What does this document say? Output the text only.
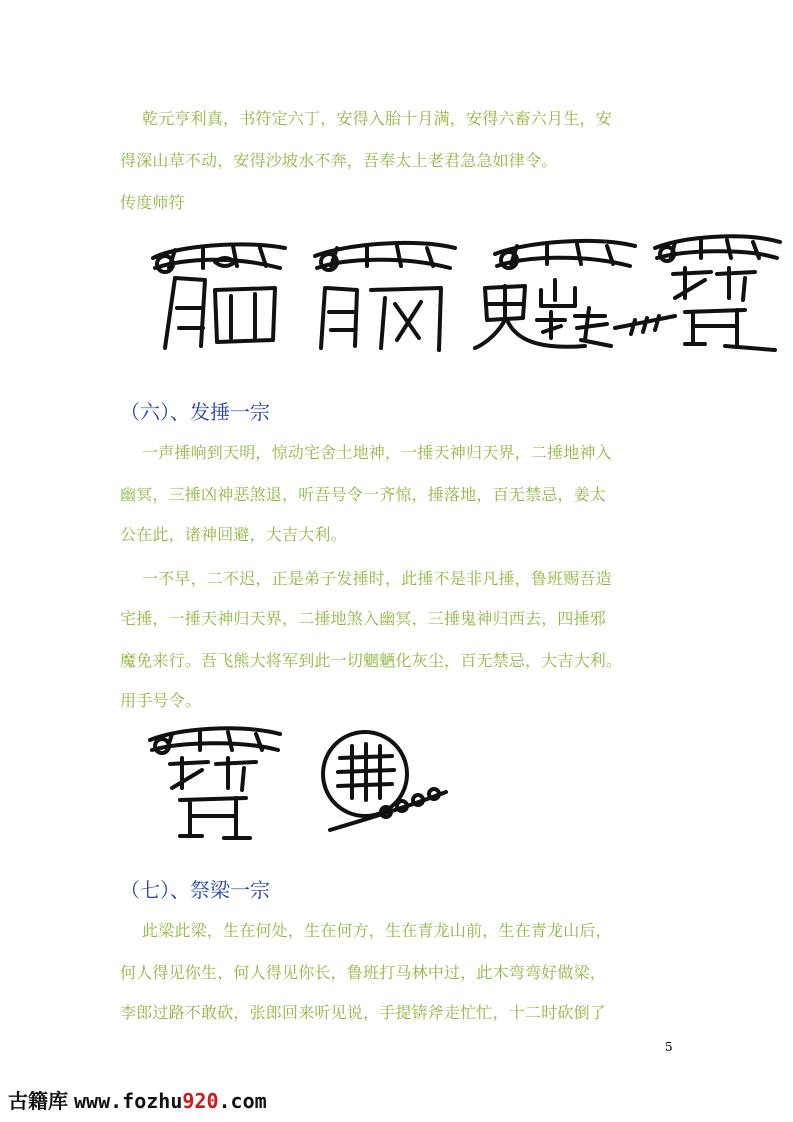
乾元亨利真，书符定六丁，安得入胎十月满，安得六畜六月生，安
得深山草不动，安得沙坡水不奔，吾奉太上老君急急如律令。
传度师符
（六）、发捶一宗
一声捶响到天明，惊动宅舍土地神，一捶天神归天界，二捶地神入
幽冥，三捶凶神恶煞退，听吾号令一齐惊，捶落地，百无禁忌，姜太
公在此，诸神回避，大吉大利。
一不早，二不迟，正是弟子发捶时，此捶不是非凡捶，鲁班赐吾造
宅捶，一捶天神归天界，二捶地煞入幽冥，三捶鬼神归西去，四捶邪
魔免来行。吾飞熊大将军到此一切魍魉化灰尘，百无禁忌，大吉大利。
用手号令。
（七）、祭梁一宗
此梁此梁，生在何处，生在何方，生在青龙山前，生在青龙山后，
何人得见你生，何人得见你长，鲁班打马林中过，此木弯弯好做梁，
李郎过路不敢砍，张郎回来听见说，手提锛斧走忙忙，十二时砍倒了
5
古籍库 www.fozhu920.com
